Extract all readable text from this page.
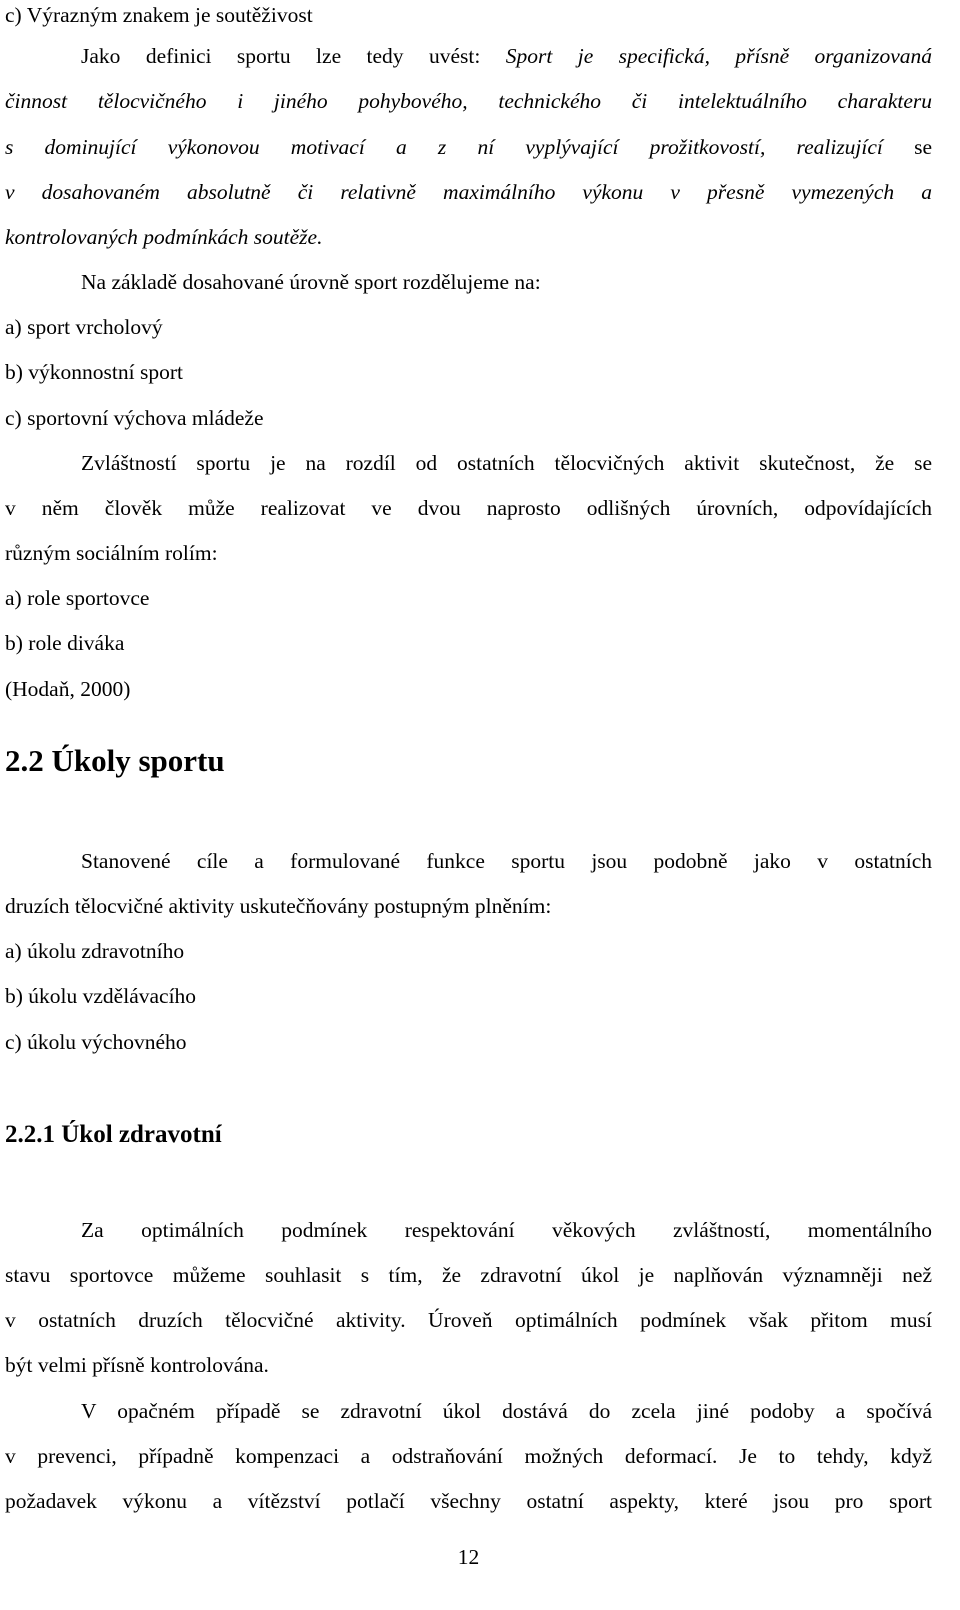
c) Výrazným znakem je soutěživost
Jako definici sportu lze tedy uvést: Sport je specifická, přísně organizovaná
činnost tělocvičného i jiného pohybového, technického či intelektuálního charakteru
s dominující výkonovou motivací a z ní vyplývající prožitkovostí, realizující se
v dosahovaném absolutně či relativně maximálního výkonu v přesně vymezených a
kontrolovaných podmínkách soutěže.
Na základě dosahované úrovně sport rozdělujeme na:
a) sport vrcholový
b) výkonnostní sport
c) sportovní výchova mládeže
Zvláštností sportu je na rozdíl od ostatních tělocvičných aktivit skutečnost, že se
v něm člověk může realizovat ve dvou naprosto odlišných úrovních, odpovídajících
různým sociálním rolím:
a) role sportovce
b) role diváka
(Hodaň, 2000)
2.2 Úkoly sportu
Stanovené cíle a formulované funkce sportu jsou podobně jako v ostatních
druzích tělocvičné aktivity uskutečňovány postupným plněním:
a) úkolu zdravotního
b) úkolu vzdělávacího
c) úkolu výchovného
2.2.1 Úkol zdravotní
Za optimálních podmínek respektování věkových zvláštností, momentálního
stavu sportovce můžeme souhlasit s tím, že zdravotní úkol je naplňován významněji než
v ostatních druzích tělocvičné aktivity. Úroveň optimálních podmínek však přitom musí
být velmi přísně kontrolována.
V opačném případě se zdravotní úkol dostává do zcela jiné podoby a spočívá
v prevenci, případně kompenzaci a odstraňování možných deformací. Je to tehdy, když
požadavek výkonu a vítězství potlačí všechny ostatní aspekty, které jsou pro sport
12
